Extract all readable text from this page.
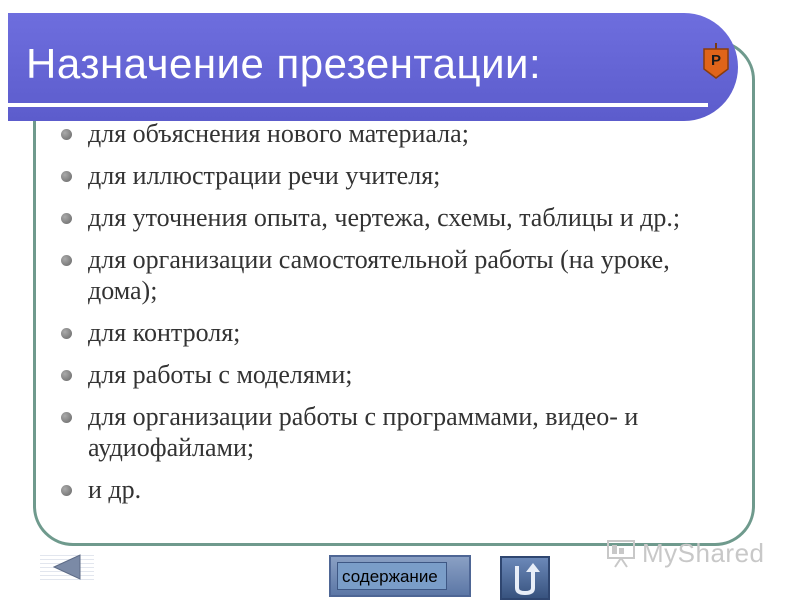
Назначение презентации:	P
для объяснения нового материала;
для иллюстрации речи учителя;
для уточнения опыта, чертежа, схемы, таблицы и др.;
для организации самостоятельной работы (на уроке, дома);
для контроля;
для работы с моделями;
для организации работы с программами, видео- и аудиофайлами;
и др.
содержание
MyShared
